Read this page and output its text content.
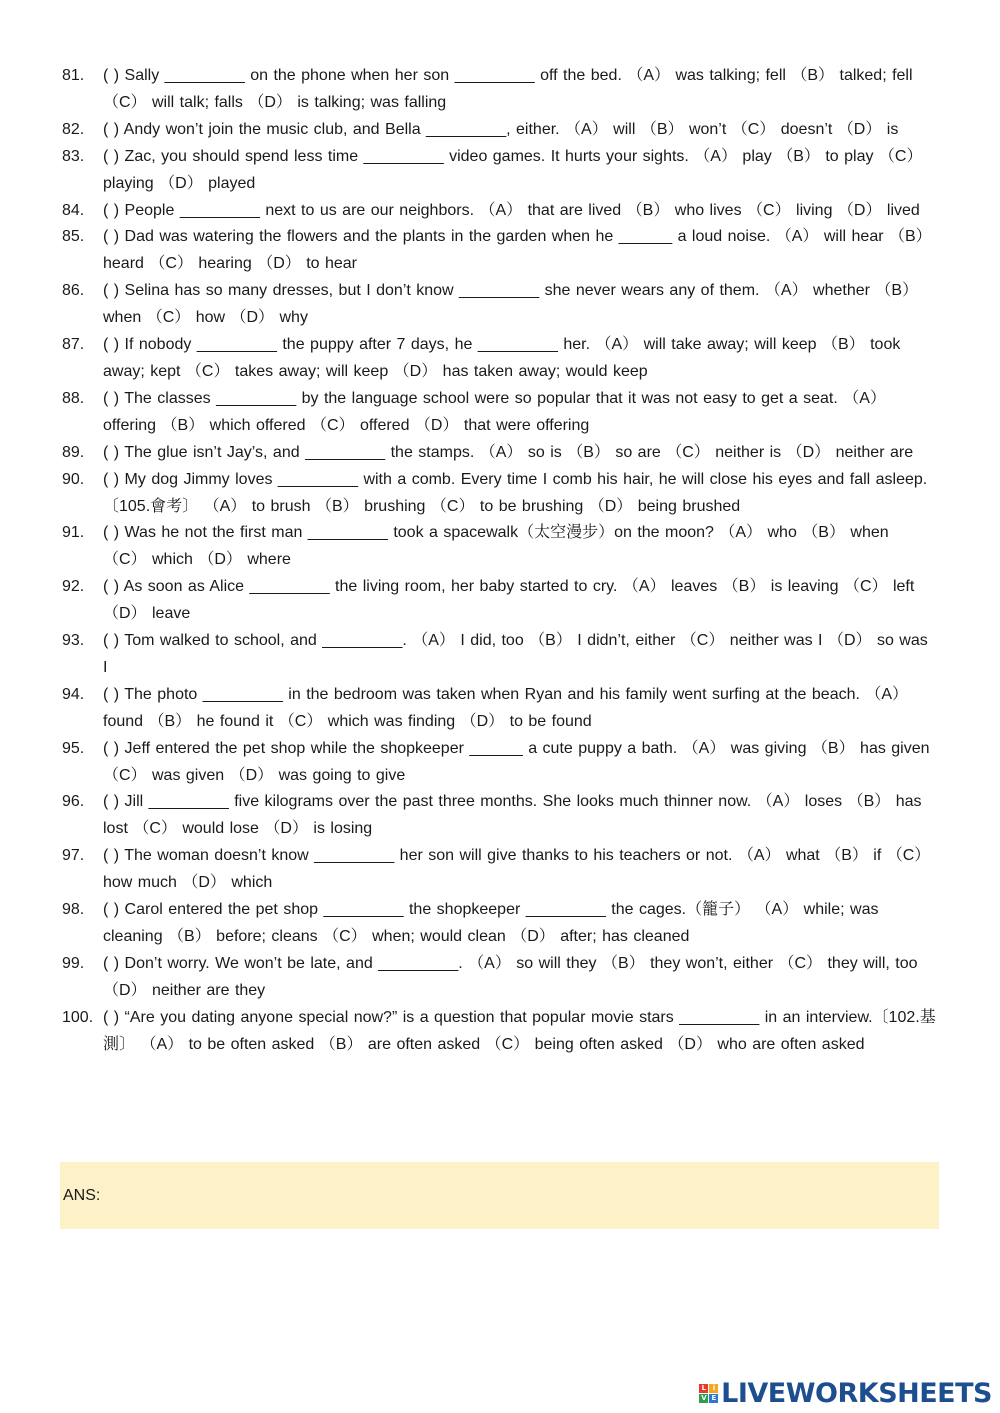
81.	( ) Sally _________ on the phone when her son _________ off the bed. （A） was talking; fell （B） talked; fell （C） will talk; falls （D） is talking; was falling
82.	( ) Andy won’t join the music club, and Bella _________, either. （A） will （B） won’t （C） doesn’t （D） is
83.	( ) Zac, you should spend less time _________ video games. It hurts your sights. （A） play （B） to play （C） playing （D） played
84.	( ) People _________ next to us are our neighbors. （A） that are lived （B） who lives （C） living （D） lived
85.	( ) Dad was watering the flowers and the plants in the garden when he ______ a loud noise. （A） will hear （B） heard （C） hearing （D） to hear
86.	( ) Selina has so many dresses, but I don’t know _________ she never wears any of them. （A） whether （B） when （C） how （D） why
87.	( ) If nobody _________ the puppy after 7 days, he _________ her. （A） will take away; will keep （B） took away; kept （C） takes away; will keep （D） has taken away; would keep
88.	( ) The classes _________ by the language school were so popular that it was not easy to get a seat. （A） offering （B） which offered （C） offered （D） that were offering
89.	( ) The glue isn’t Jay’s, and _________ the stamps. （A） so is （B） so are （C） neither is （D） neither are
90.	( ) My dog Jimmy loves _________ with a comb. Every time I comb his hair, he will close his eyes and fall asleep.〔105.會考〕 （A） to brush （B） brushing （C） to be brushing （D） being brushed
91.	( ) Was he not the first man _________ took a spacewalk（太空漫步）on the moon? （A） who （B） when （C） which （D） where
92.	( ) As soon as Alice _________ the living room, her baby started to cry. （A） leaves （B） is leaving （C） left （D） leave
93.	( ) Tom walked to school, and _________. （A） I did, too （B） I didn’t, either （C） neither was I （D） so was I
94.	( ) The photo _________ in the bedroom was taken when Ryan and his family went surfing at the beach. （A） found （B） he found it （C） which was finding （D） to be found
95.	( ) Jeff entered the pet shop while the shopkeeper ______ a cute puppy a bath. （A） was giving （B） has given （C） was given （D） was going to give
96.	( ) Jill _________ five kilograms over the past three months. She looks much thinner now. （A） loses （B） has lost （C） would lose （D） is losing
97.	( ) The woman doesn’t know _________ her son will give thanks to his teachers or not. （A） what （B） if （C） how much （D） which
98.	( ) Carol entered the pet shop _________ the shopkeeper _________ the cages.（籠子） （A） while; was cleaning （B） before; cleans （C） when; would clean （D） after; has cleaned
99.	( ) Don’t worry. We won’t be late, and _________. （A） so will they （B） they won’t, either （C） they will, too （D） neither are they
100. ( ) “Are you dating anyone special now?” is a question that popular movie stars _________ in an interview.〔102.基測〕 （A） to be often asked （B） are often asked （C） being often asked （D） who are often asked
ANS:
L	i
V E LIVEWORKSHEETS
